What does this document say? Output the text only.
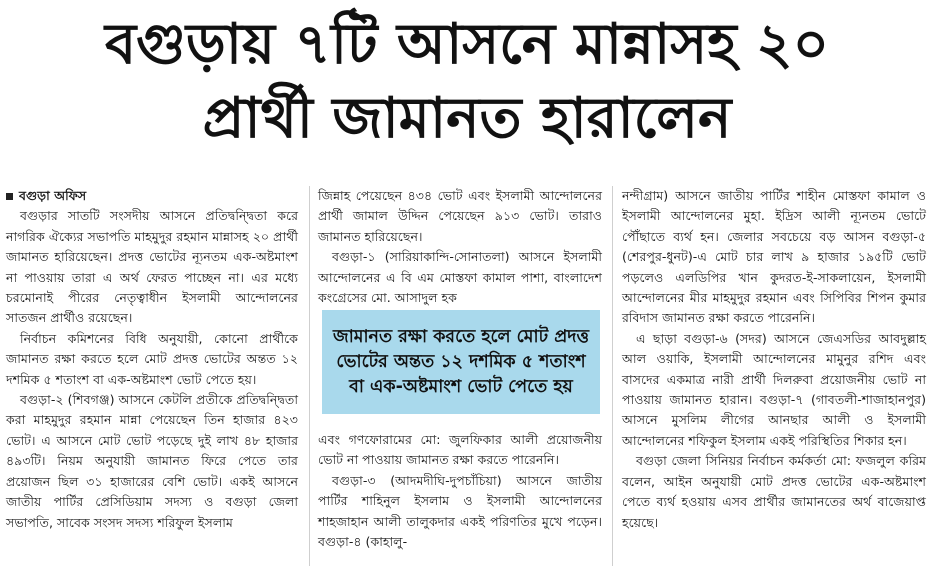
বগুড়ায় ৭টি আসনে মান্নাসহ ২০
প্রার্থী জামানত হারালেন
বগুড়া অফিস

বগুড়ার সাতটি সংসদীয় আসনে প্রতিদ্বন্দ্বিতা করে নাগরিক ঐক্যের সভাপতি মাহমুদুর রহমান মান্নাসহ ২০ প্রার্থী জামানত হারিয়েছেন। প্রদত্ত ভোটের ন্যূনতম এক-অষ্টমাংশ না পাওয়ায় তারা এ অর্থ ফেরত পাচ্ছেন না। এর মধ্যে চরমোনাই পীরের নেতৃত্বাধীন ইসলামী আন্দোলনের সাতজন প্রার্থীও রয়েছেন।

নির্বাচন কমিশনের বিধি অনুযায়ী, কোনো প্রার্থীকে জামানত রক্ষা করতে হলে মোট প্রদত্ত ভোটের অন্তত ১২ দশমিক ৫ শতাংশ বা এক-অষ্টমাংশ ভোট পেতে হয়।

বগুড়া-২ (শিবগঞ্জ) আসনে কেটলি প্রতীকে প্রতিদ্বন্দ্বিতা করা মাহমুদুর রহমান মান্না পেয়েছেন তিন হাজার ৪২৩ ভোট। এ আসনে মোট ভোট পড়েছে দুই লাখ ৪৮ হাজার ৪৯৩টি। নিয়ম অনুযায়ী জামানত ফিরে পেতে তার প্রয়োজন ছিল ৩১ হাজারের বেশি ভোট। একই আসনে জাতীয় পার্টির প্রেসিডিয়াম সদস্য ও বগুড়া জেলা সভাপতি, সাবেক সংসদ সদস্য শরিফুল ইসলাম

জিন্নাহ পেয়েছেন ৪৩৪ ভোট এবং ইসলামী আন্দোলনের প্রার্থী জামাল উদ্দিন পেয়েছেন ৯১৩ ভোট। তারাও জামানত হারিয়েছেন।

বগুড়া-১ (সারিয়াকান্দি-সোনাতলা) আসনে ইসলামী আন্দোলনের এ বি এম মোস্তফা কামাল পাশা, বাংলাদেশ কংগ্রেসের মো. আসাদুল হক

এবং গণফোরামের মো: জুলফিকার আলী প্রয়োজনীয় ভোট না পাওয়ায় জামানত রক্ষা করতে পারেননি।

বগুড়া-৩ (আদমদীঘি-দুপচাঁচিয়া) আসনে জাতীয় পার্টির শাহিনুল ইসলাম ও ইসলামী আন্দোলনের শাহজাহান আলী তালুকদার একই পরিণতির মুখে পড়েন। বগুড়া-৪ (কাহালু-

জামানত রক্ষা করতে হলে মোট প্রদত্ত ভোটের অন্তত ১২ দশমিক ৫ শতাংশ বা এক-অষ্টমাংশ ভোট পেতে হয়

নন্দীগ্রাম) আসনে জাতীয় পার্টির শাহীন মোস্তফা কামাল ও ইসলামী আন্দোলনের মুহা. ইদ্রিস আলী ন্যূনতম ভোটে পৌঁছাতে ব্যর্থ হন। জেলার সবচেয়ে বড় আসন বগুড়া-৫ (শেরপুর-ধুনট)-এ মোট চার লাখ ৯ হাজার ১৯৫টি ভোট পড়লেও এলডিপির খান কুদরত-ই-সাকলায়েন, ইসলামী আন্দোলনের মীর মাহমুদুর রহমান এবং সিপিবির শিপন কুমার রবিদাস জামানত রক্ষা করতে পারেননি।

এ ছাড়া বগুড়া-৬ (সদর) আসনে জেএসডির আবদুল্লাহ আল ওয়াকি, ইসলামী আন্দোলনের মামুনুর রশিদ এবং বাসদের একমাত্র নারী প্রার্থী দিলরুবা প্রয়োজনীয় ভোট না পাওয়ায় জামানত হারান। বগুড়া-৭ (গাবতলী-শাজাহানপুর) আসনে মুসলিম লীগের আনছার আলী ও ইসলামী আন্দোলনের শফিকুল ইসলাম একই পরিস্থিতির শিকার হন।

বগুড়া জেলা সিনিয়র নির্বাচন কর্মকর্তা মো: ফজলুল করিম বলেন, আইন অনুযায়ী মোট প্রদত্ত ভোটের এক-অষ্টমাংশ পেতে ব্যর্থ হওয়ায় এসব প্রার্থীর জামানতের অর্থ বাজেয়াপ্ত হয়েছে।
